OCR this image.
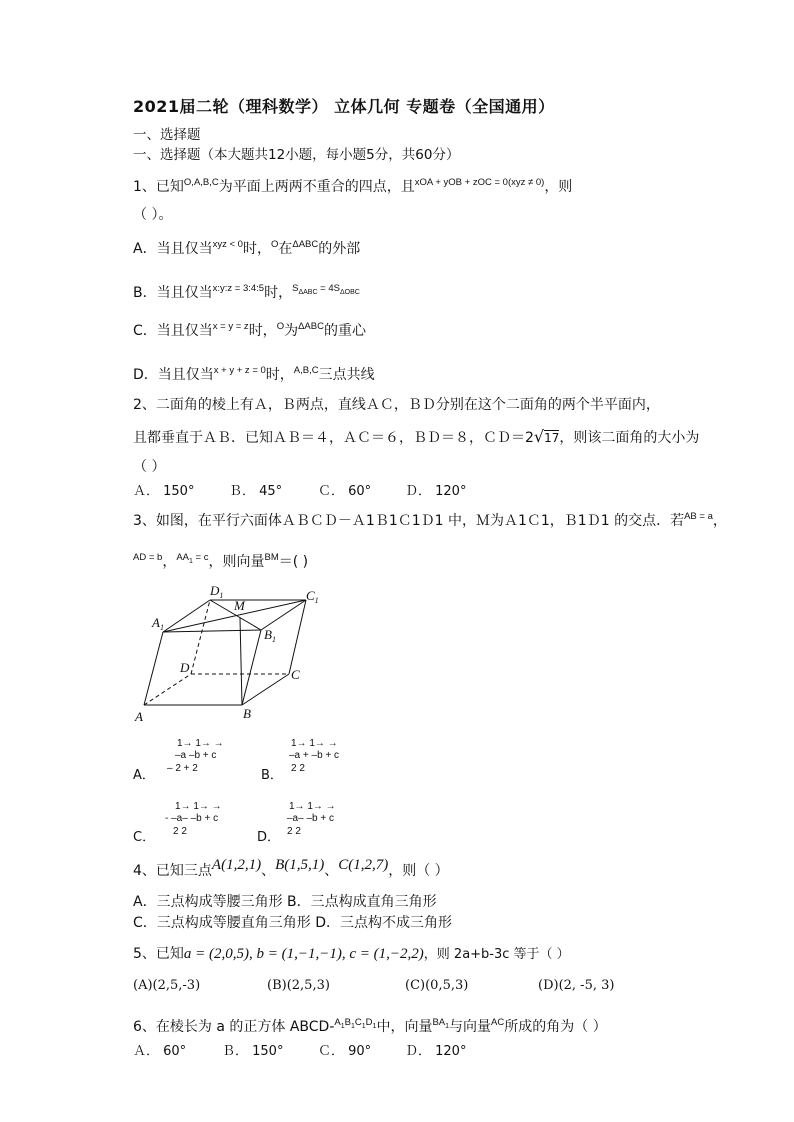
2021届二轮（理科数学） 立体几何 专题卷（全国通用）
一、选择题
一、选择题（本大题共12小题，每小题5分，共60分）
1、已知$^{O,A,B,C}$为平面上两两不重合的四点，且$^{xOA + yOB + zOC = 0(xyz \ne 0)}$，则
（ ）。
A．当且仅当$^{xyz < 0}$时，$^O$在$^{\Delta ABC}$的外部
B．当且仅当$^{x:y:z = 3:4:5}$时，$^{S_{\Delta ABC} = 4S_{\Delta OBC}}$
C．当且仅当$^{x = y = z}$时，$^O$为$^{\Delta ABC}$的重心
D．当且仅当$^{x + y + z = 0}$时，$^{A,B,C}$三点共线
2、二面角的棱上有Ａ，Ｂ两点，直线ＡＣ，ＢＤ分别在这个二面角的两个半平面内，
且都垂直于ＡＢ．已知ＡＢ＝４，ＡＣ＝６，ＢＤ＝８，ＣＤ＝2√17，则该二面角的大小为
（ ）
Ａ． 150°	Ｂ． 45°	Ｃ． 60°	Ｄ． 120°
3、如图，在平行六面体ＡＢＣＤ－Ａ1Ｂ1Ｃ1Ｄ1 中，Ｍ为Ａ1Ｃ1，Ｂ1Ｄ1 的交点．若$^{AB = a}$，
$^{AD = b}$，$^{AA_1 = c}$，则向量$^{BM}$＝( )
$D_1$	$C_1$
$A_1$	$B_1$
M
D	C
A	B
1→ 1→ →
–a –b + c
– 2 + 2
A．
1→ 1→ →
–a + –b + c
2 2
B．
1→ 1→ →
- –a– –b + c
2 2
C．
1→ 1→ →
–a– –b + c
2 2
D．
4、已知三点A(1,2,1)、B(1,5,1)、C(1,2,7)，则（ ）
A．三点构成等腰三角形 B．三点构成直角三角形
C．三点构成等腰直角三角形 D．三点构不成三角形
5、已知a = (2,0,5), b = (1,−1,−1), c = (1,−2,2)，则 2a+b-3c 等于（ ）
(A)(2,5,-3)	(B)(2,5,3)	(C)(0,5,3)	(D)(2, -5, 3)
6、在棱长为 a 的正方体 ABCD-$^{A_1B_1C_1D_1}$中，向量$^{BA_1}$与向量$^{AC}$所成的角为（ ）
Ａ． 60°	Ｂ． 150°	Ｃ． 90°	Ｄ． 120°
